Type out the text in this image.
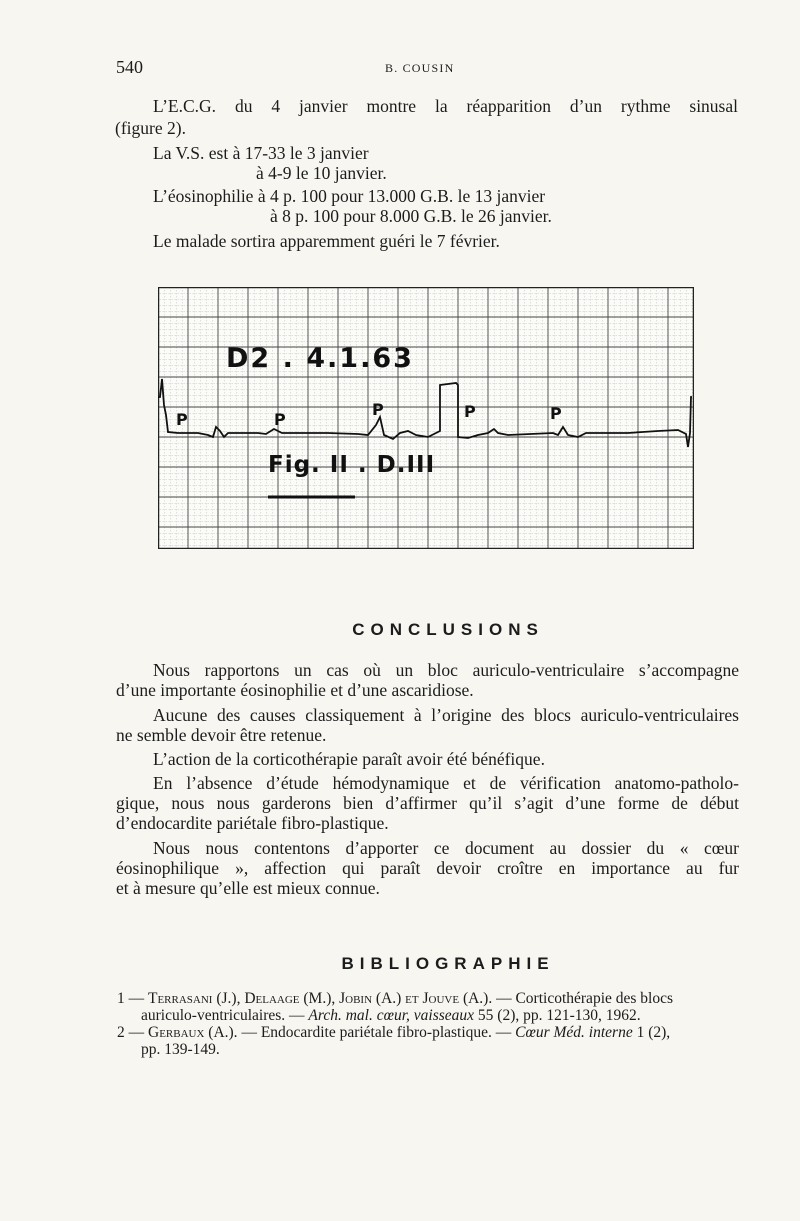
540	B. COUSIN
L’E.C.G. du 4 janvier montre la réapparition d’un rythme sinusal
(figure 2).
La V.S. est à 17-33 le 3 janvier
à 4-9 le 10 janvier.
L’éosinophilie à 4 p. 100 pour 13.000 G.B. le 13 janvier
à 8 p. 100 pour 8.000 G.B. le 26 janvier.
Le malade sortira apparemment guéri le 7 février.
D2 . 4.1.63
Fig. II . D.III
P	P
P	P	P
CONCLUSIONS
Nous rapportons un cas où un bloc auriculo-ventriculaire s’accompagne
d’une importante éosinophilie et d’une ascaridiose.
Aucune des causes classiquement à l’origine des blocs auriculo-ventriculaires
ne semble devoir être retenue.
L’action de la corticothérapie paraît avoir été bénéfique.
En l’absence d’étude hémodynamique et de vérification anatomo-patholo-
gique, nous nous garderons bien d’affirmer qu’il s’agit d’une forme de début
d’endocardite pariétale fibro-plastique.
Nous nous contentons d’apporter ce document au dossier du « cœur
éosinophilique », affection qui paraît devoir croître en importance au fur
et à mesure qu’elle est mieux connue.
BIBLIOGRAPHIE
1 — Terrasani (J.), Delaage (M.), Jobin (A.) et Jouve (A.). — Corticothérapie des blocs
auriculo-ventriculaires. — Arch. mal. cœur, vaisseaux 55 (2), pp. 121-130, 1962.
2 — Gerbaux (A.). — Endocardite pariétale fibro-plastique. — Cœur Méd. interne 1 (2),
pp. 139-149.
